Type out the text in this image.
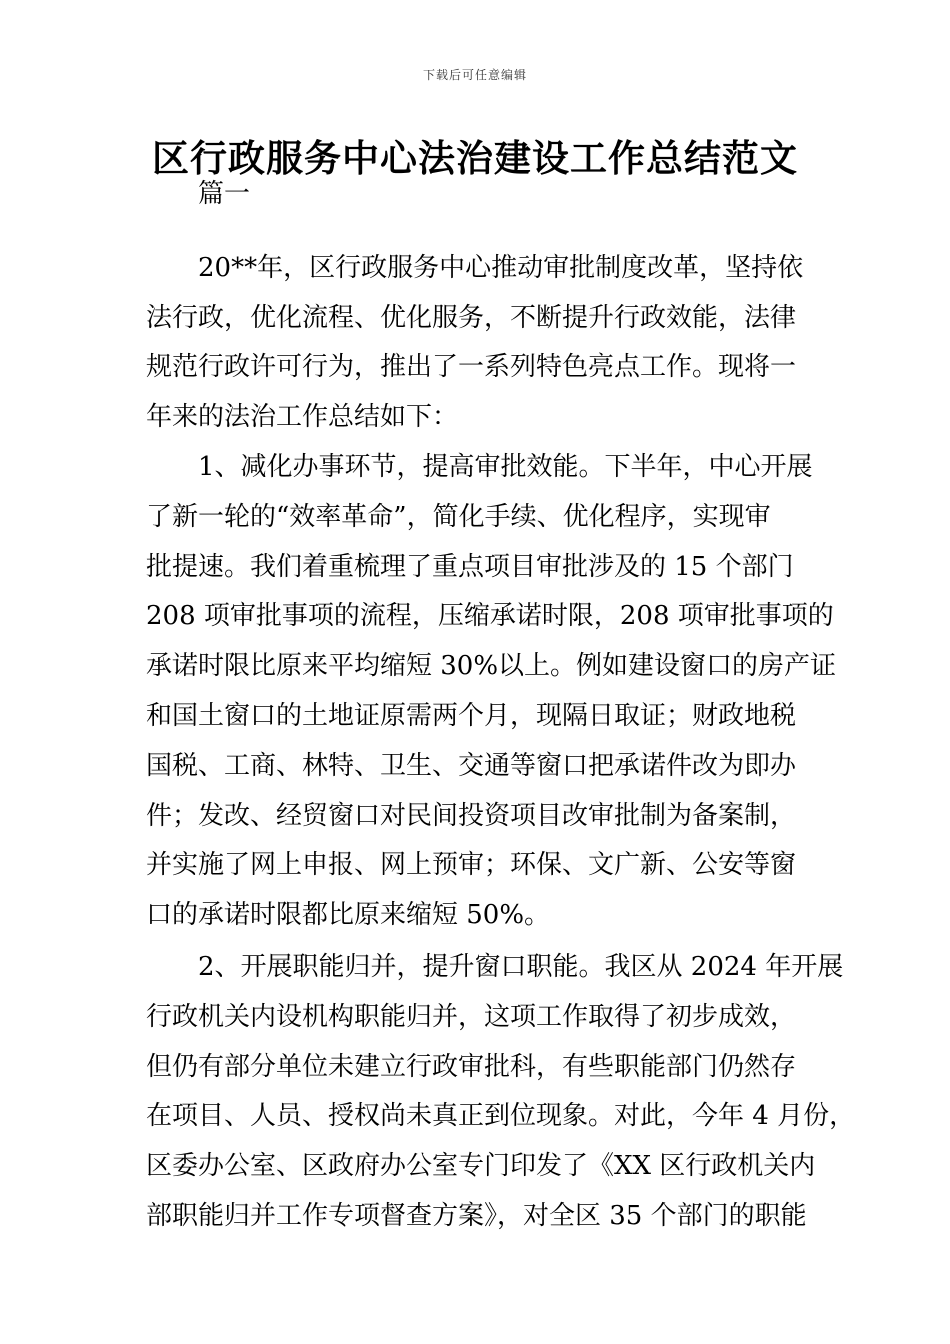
下载后可任意编辑
区行政服务中心法治建设工作总结范文
篇一
20**年，区行政服务中心推动审批制度改革，坚持依
法行政，优化流程、优化服务，不断提升行政效能，法律
规范行政许可行为，推出了一系列特色亮点工作。现将一
年来的法治工作总结如下：
1、减化办事环节，提高审批效能。下半年，中心开展
了新一轮的“效率革命”，简化手续、优化程序，实现审
批提速。我们着重梳理了重点项目审批涉及的 15 个部门
208 项审批事项的流程，压缩承诺时限，208 项审批事项的
承诺时限比原来平均缩短 30%以上。例如建设窗口的房产证
和国土窗口的土地证原需两个月，现隔日取证；财政地税
国税、工商、林特、卫生、交通等窗口把承诺件改为即办
件；发改、经贸窗口对民间投资项目改审批制为备案制，
并实施了网上申报、网上预审；环保、文广新、公安等窗
口的承诺时限都比原来缩短 50%。
2、开展职能归并，提升窗口职能。我区从 2024 年开展
行政机关内设机构职能归并，这项工作取得了初步成效，
但仍有部分单位未建立行政审批科，有些职能部门仍然存
在项目、人员、授权尚未真正到位现象。对此，今年 4 月份，
区委办公室、区政府办公室专门印发了《XX 区行政机关内
部职能归并工作专项督查方案》，对全区 35 个部门的职能
